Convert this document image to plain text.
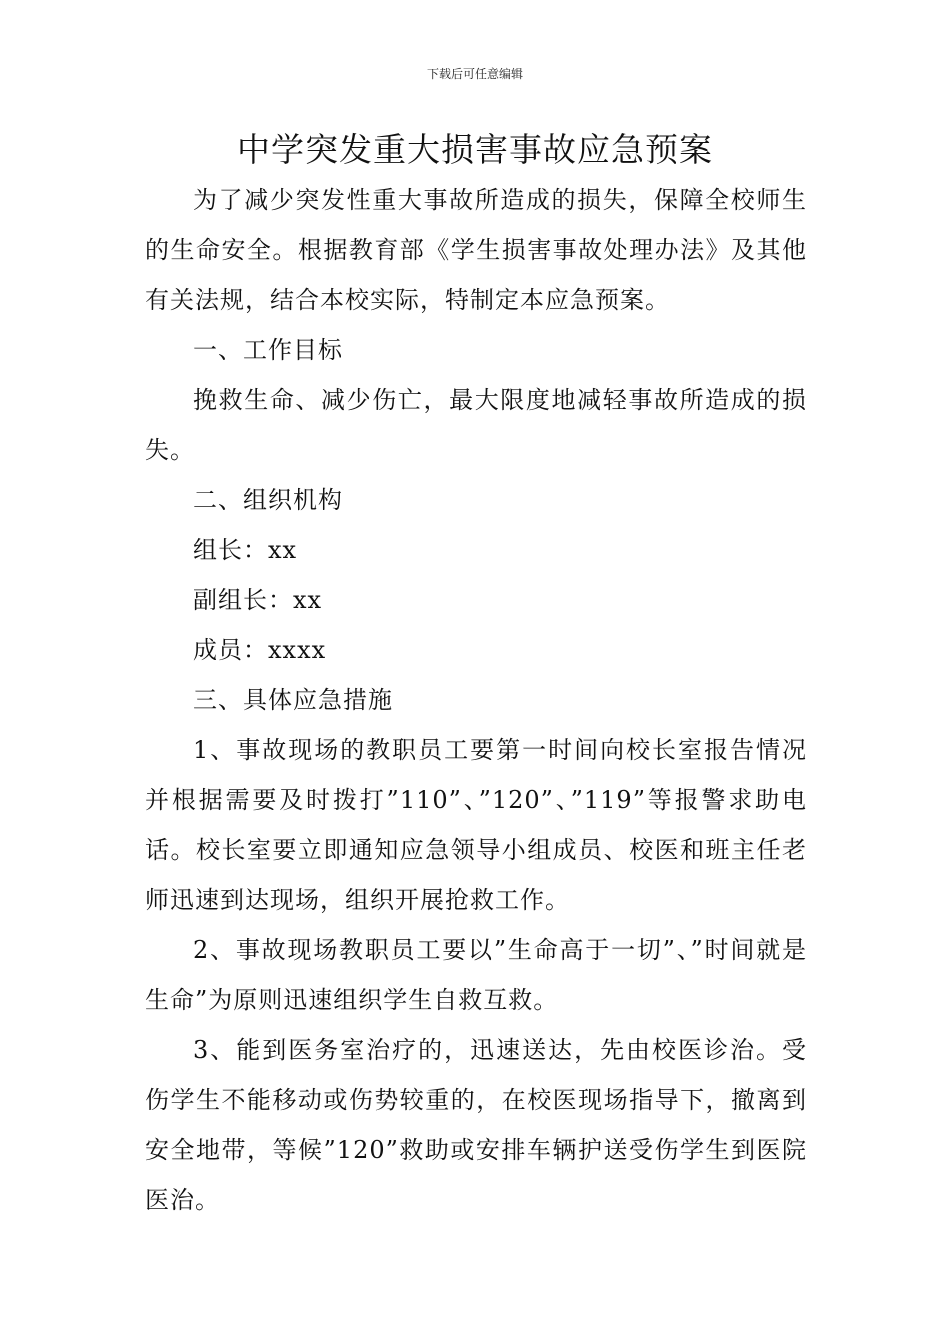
下载后可任意编辑
中学突发重大损害事故应急预案

为了减少突发性重大事故所造成的损失，保障全校师生的生命安全。根据教育部《学生损害事故处理办法》及其他有关法规，结合本校实际，特制定本应急预案。

一、工作目标

挽救生命、减少伤亡，最大限度地减轻事故所造成的损失。

二、组织机构

组长：xx

副组长：xx

成员：xxxx

三、具体应急措施

1、事故现场的教职员工要第一时间向校长室报告情况并根据需要及时拨打”110”、”120”、”119”等报警求助电话。校长室要立即通知应急领导小组成员、校医和班主任老师迅速到达现场，组织开展抢救工作。

2、事故现场教职员工要以”生命高于一切”、”时间就是生命”为原则迅速组织学生自救互救。

3、能到医务室治疗的，迅速送达，先由校医诊治。受伤学生不能移动或伤势较重的，在校医现场指导下，撤离到安全地带，等候”120”救助或安排车辆护送受伤学生到医院医治。
